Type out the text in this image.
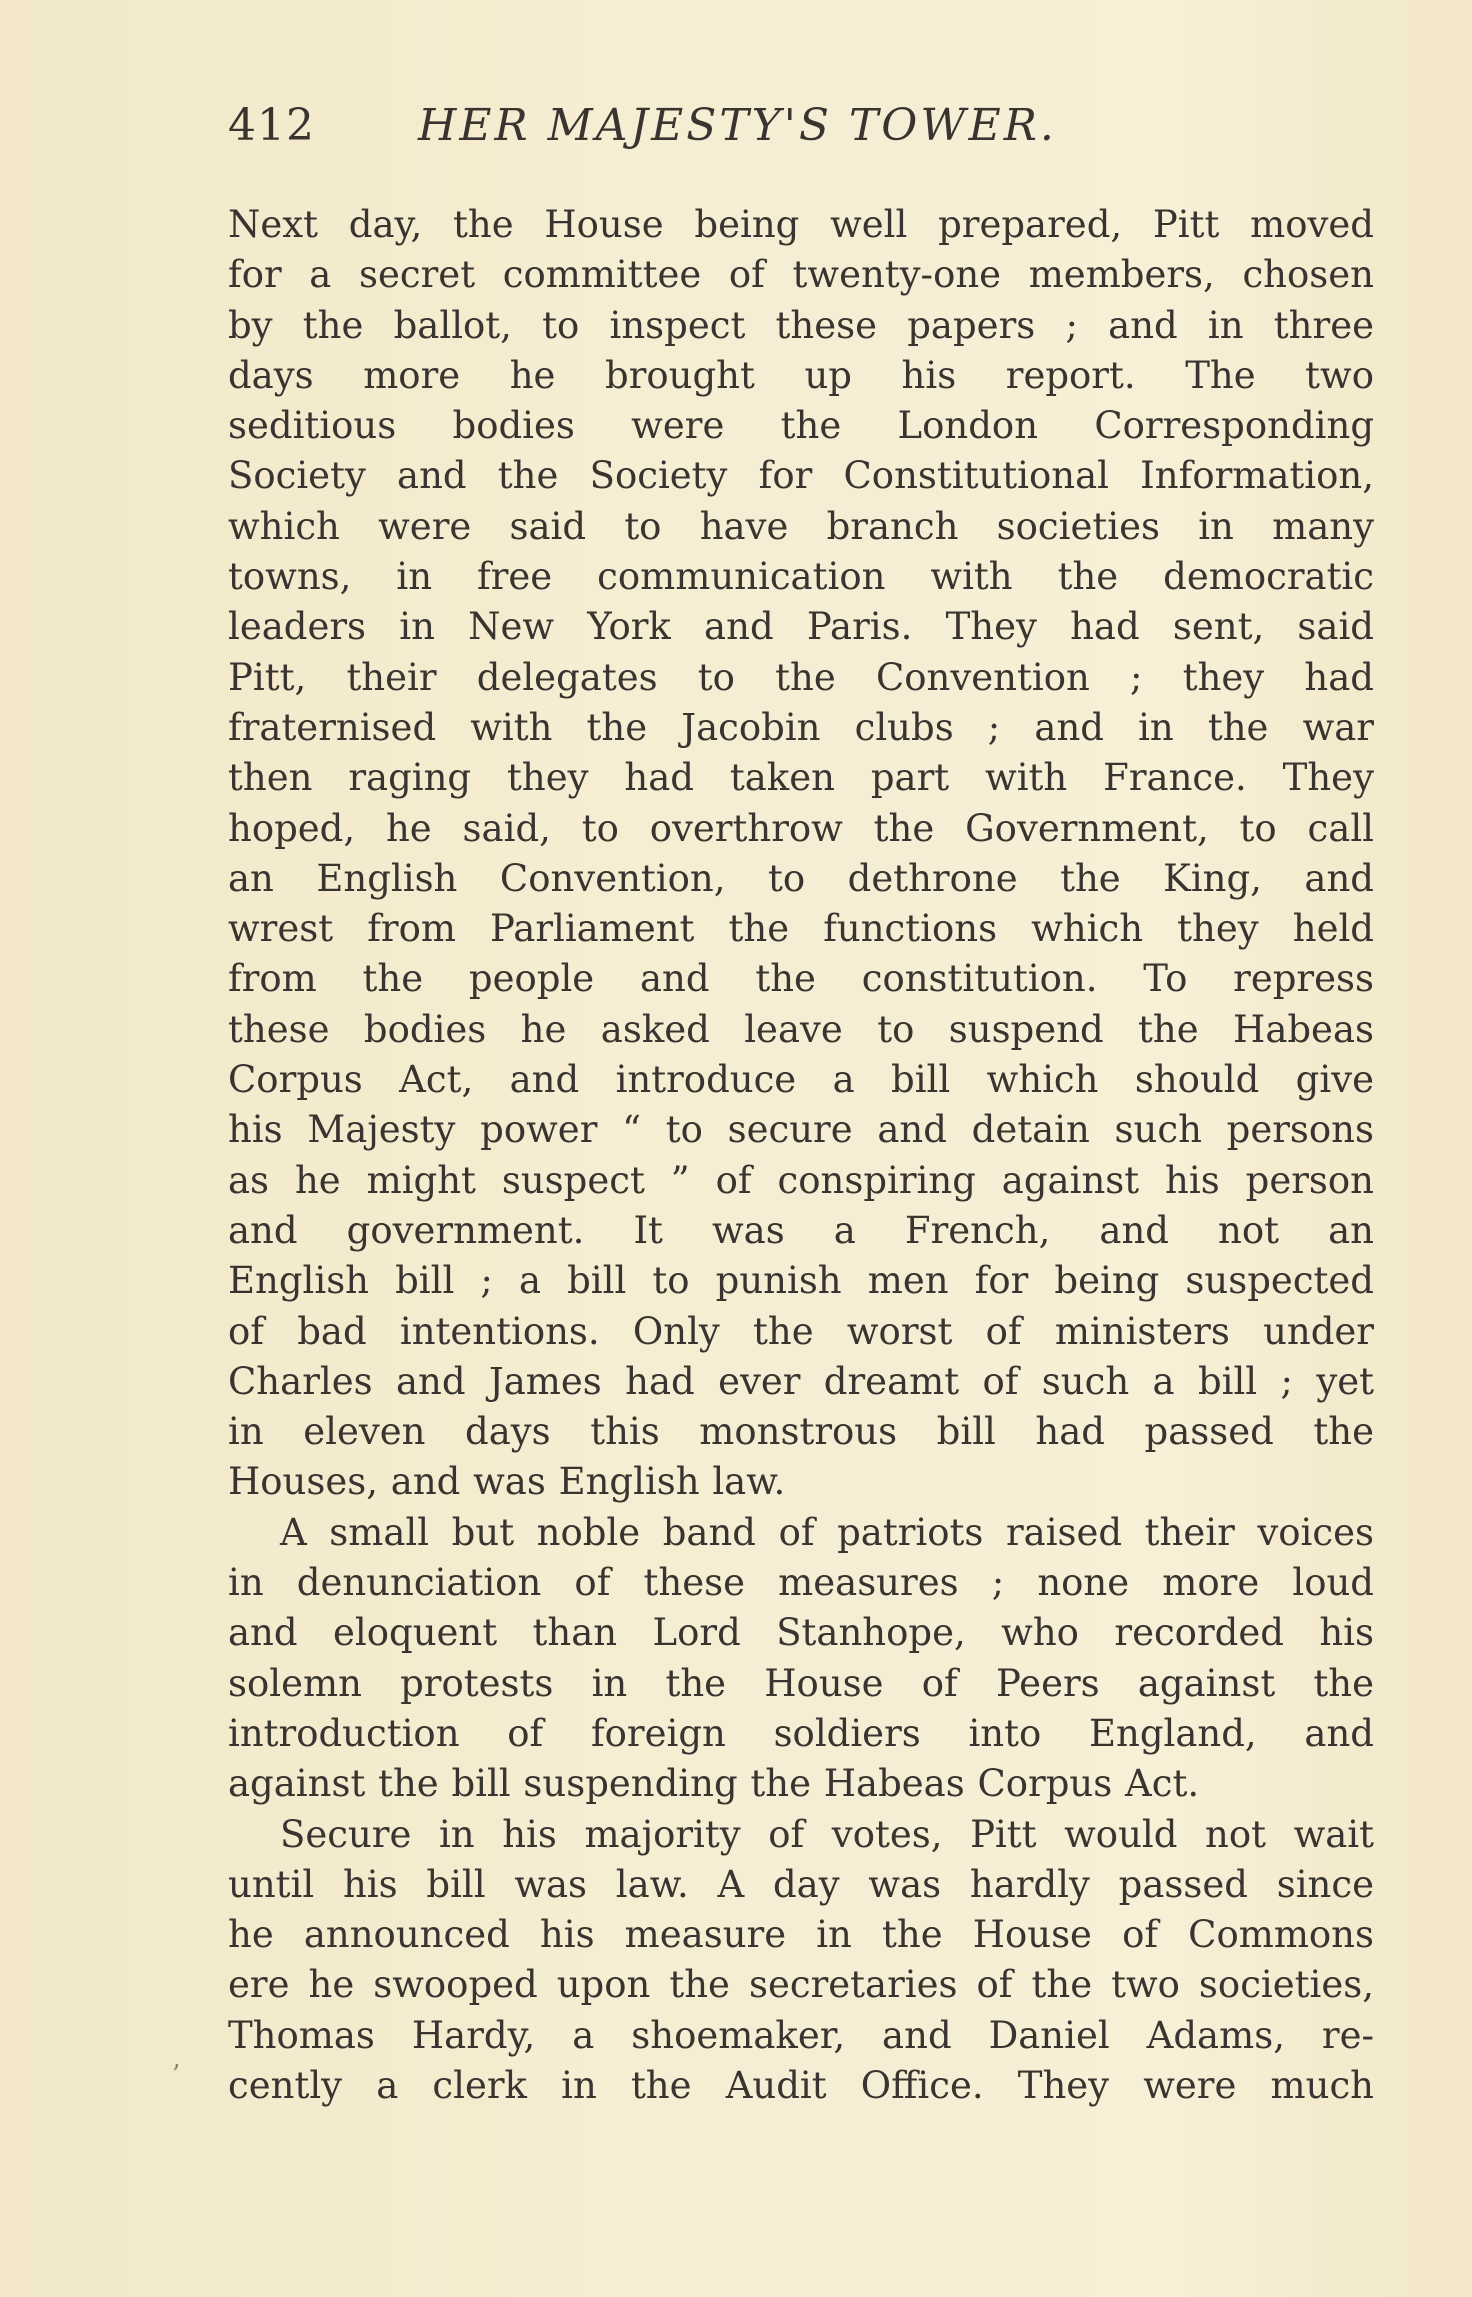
412 HER MAJESTY'S TOWER.
Next day, the House being well prepared, Pitt moved
for a secret committee of twenty-one members, chosen
by the ballot, to inspect these papers ; and in three
days more he brought up his report. The two
seditious bodies were the London Corresponding
Society and the Society for Constitutional Information,
which were said to have branch societies in many
towns, in free communication with the democratic
leaders in New York and Paris. They had sent, said
Pitt, their delegates to the Convention ; they had
fraternised with the Jacobin clubs ; and in the war
then raging they had taken part with France. They
hoped, he said, to overthrow the Government, to call
an English Convention, to dethrone the King, and
wrest from Parliament the functions which they held
from the people and the constitution. To repress
these bodies he asked leave to suspend the Habeas
Corpus Act, and introduce a bill which should give
his Majesty power “ to secure and detain such persons
as he might suspect ” of conspiring against his person
and government. It was a French, and not an
English bill ; a bill to punish men for being suspected
of bad intentions. Only the worst of ministers under
Charles and James had ever dreamt of such a bill ; yet
in eleven days this monstrous bill had passed the
Houses, and was English law.
A small but noble band of patriots raised their voices
in denunciation of these measures ; none more loud
and eloquent than Lord Stanhope, who recorded his
solemn protests in the House of Peers against the
introduction of foreign soldiers into England, and
against the bill suspending the Habeas Corpus Act.
Secure in his majority of votes, Pitt would not wait
until his bill was law. A day was hardly passed since
he announced his measure in the House of Commons
ere he swooped upon the secretaries of the two societies,
Thomas Hardy, a shoemaker, and Daniel Adams, re-
cently a clerk in the Audit Office. They were much
’
